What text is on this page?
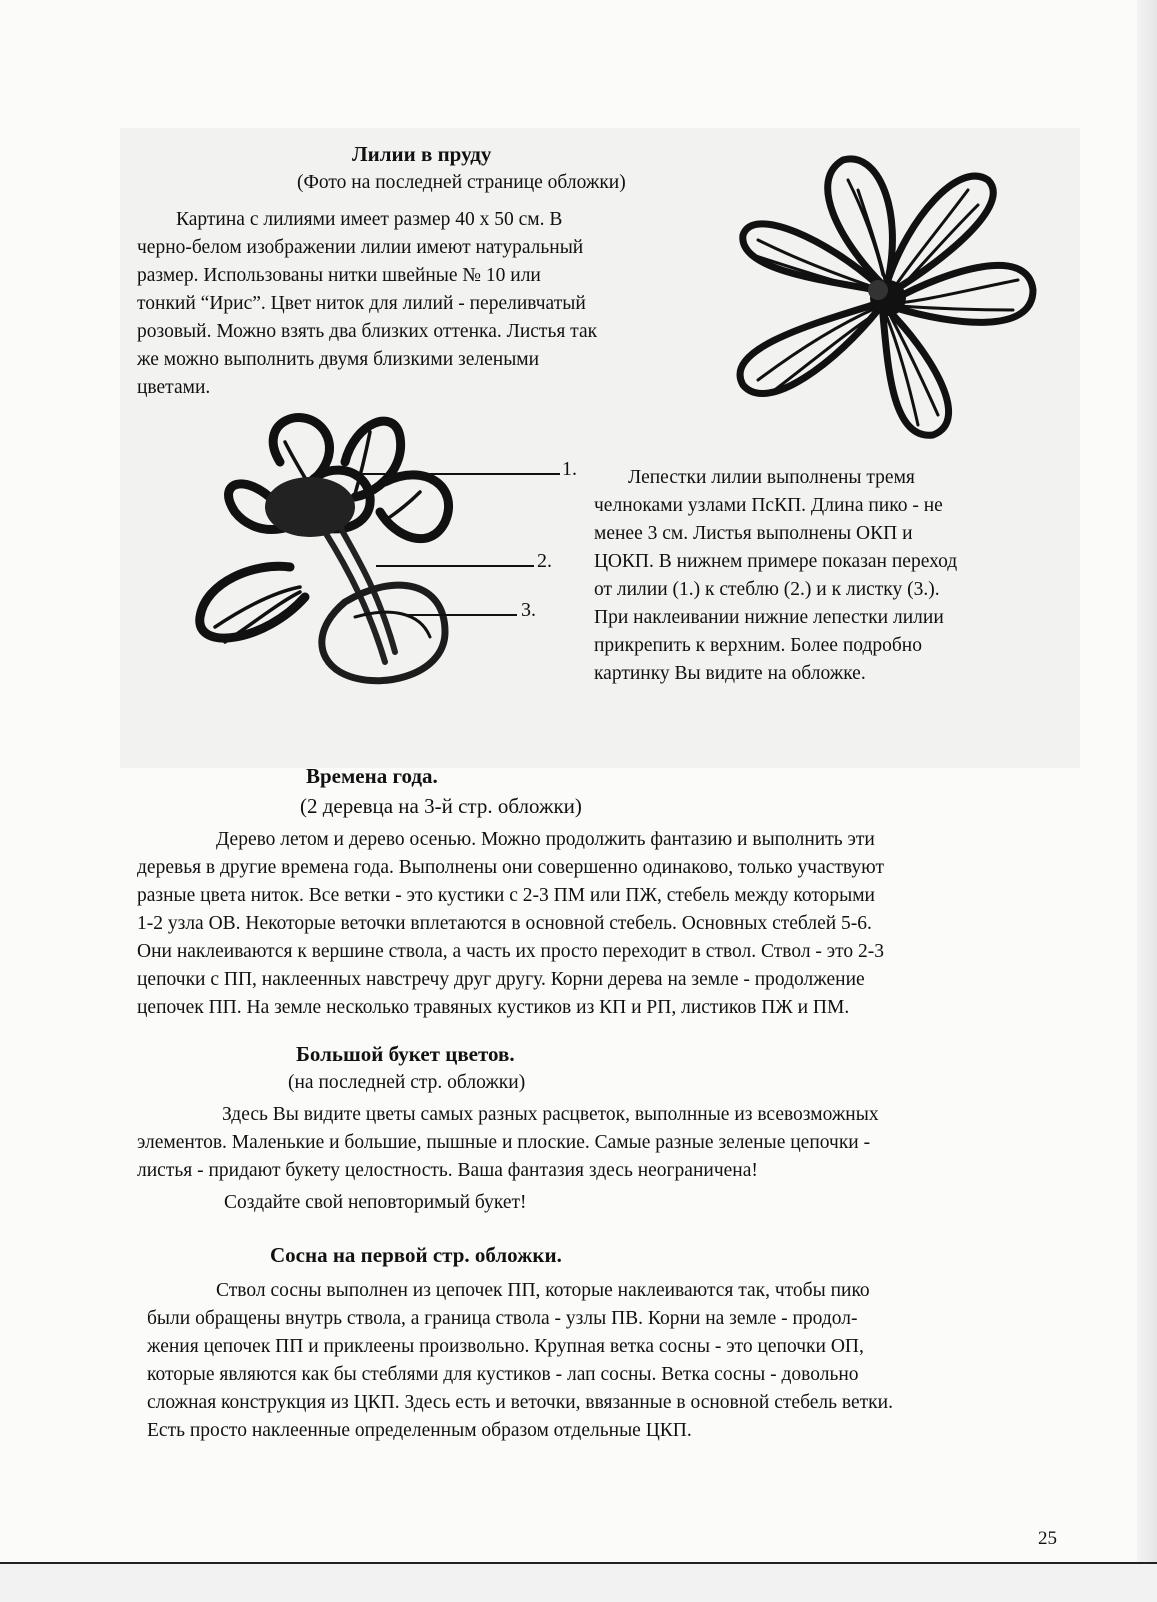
Лилии в пруду
(Фото на последней странице обложки)
Картина с лилиями имеет размер 40 х 50 см. В
черно-белом изображении лилии имеют натуральный
размер. Использованы нитки швейные № 10 или
тонкий “Ирис”. Цвет ниток для лилий - переливчатый
розовый. Можно взять два близких оттенка. Листья так
же можно выполнить двумя близкими зелеными
цветами.
1.
2.
3.
Лепестки лилии выполнены тремя
челноками узлами ПсКП. Длина пико - не
менее 3 см. Листья выполнены ОКП и
ЦОКП. В нижнем примере показан переход
от лилии (1.) к стеблю (2.) и к листку (3.).
При наклеивании нижние лепестки лилии
прикрепить к верхним. Более подробно
картинку Вы видите на обложке.
Времена года.
(2 деревца на 3-й стр. обложки)
Дерево летом и дерево осенью. Можно продолжить фантазию и выполнить эти
деревья в другие времена года. Выполнены они совершенно одинаково, только участвуют
разные цвета ниток. Все ветки - это кустики с 2-3 ПМ или ПЖ, стебель между которыми
1-2 узла ОВ. Некоторые веточки вплетаются в основной стебель. Основных стеблей 5-6.
Они наклеиваются к вершине ствола, а часть их просто переходит в ствол. Ствол - это 2-3
цепочки с ПП, наклеенных навстречу друг другу. Корни дерева на земле - продолжение
цепочек ПП. На земле несколько травяных кустиков из КП и РП, листиков ПЖ и ПМ.
Большой букет цветов.
(на последней стр. обложки)
Здесь Вы видите цветы самых разных расцветок, выполнные из всевозможных
элементов. Маленькие и большие, пышные и плоские. Самые разные зеленые цепочки -
листья - придают букету целостность. Ваша фантазия здесь неограничена!
Создайте свой неповторимый букет!
Сосна на первой стр. обложки.
Ствол сосны выполнен из цепочек ПП, которые наклеиваются так, чтобы пико
были обращены внутрь ствола, а граница ствола - узлы ПВ. Корни на земле - продол-
жения цепочек ПП и приклеены произвольно. Крупная ветка сосны - это цепочки ОП,
которые являются как бы стеблями для кустиков - лап сосны. Ветка сосны - довольно
сложная конструкция из ЦКП. Здесь есть и веточки, ввязанные в основной стебель ветки.
Есть просто наклеенные определенным образом отдельные ЦКП.
25
